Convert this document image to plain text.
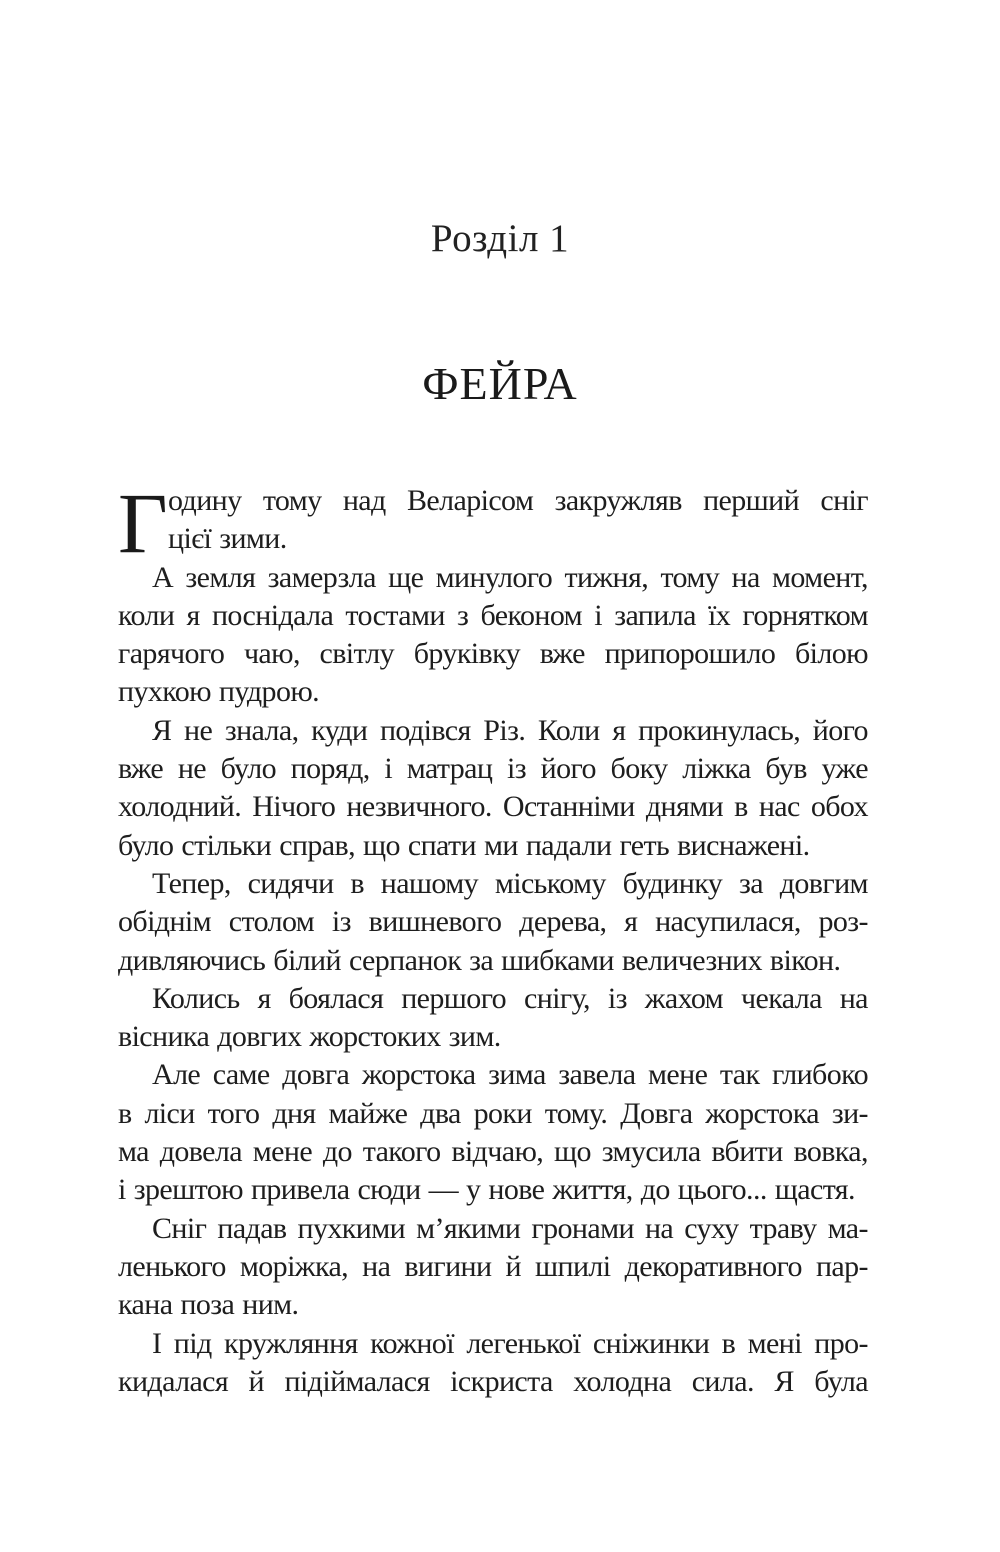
Розділ 1
ФЕЙРА
Г одину тому над Веларісом закружляв перший сніг
цієї зими.
А земля замерзла ще минулого тижня, тому на момент,
коли я поснідала тостами з беконом і запила їх горнятком
гарячого чаю, світлу бруківку вже припорошило білою
пухкою пудрою.
Я не знала, куди подівся Різ. Коли я прокинулась, його
вже не було поряд, і матрац із його боку ліжка був уже
холодний. Нічого незвичного. Останніми днями в нас обох
було стільки справ, що спати ми падали геть виснажені.
Тепер, сидячи в нашому міському будинку за довгим
обіднім столом із вишневого дерева, я насупилася, роз-
дивляючись білий серпанок за шибками величезних вікон.
Колись я боялася першого снігу, із жахом чекала на
вісника довгих жорстоких зим.
Але саме довга жорстока зима завела мене так глибоко
в ліси того дня майже два роки тому. Довга жорстока зи-
ма довела мене до такого відчаю, що змусила вбити вовка,
і зрештою привела сюди — у нове життя, до цього... щастя.
Сніг падав пухкими м’якими гронами на суху траву ма-
ленького моріжка, на вигини й шпилі декоративного пар-
кана поза ним.
І під кружляння кожної легенької сніжинки в мені про-
кидалася й підіймалася іскриста холодна сила. Я була
